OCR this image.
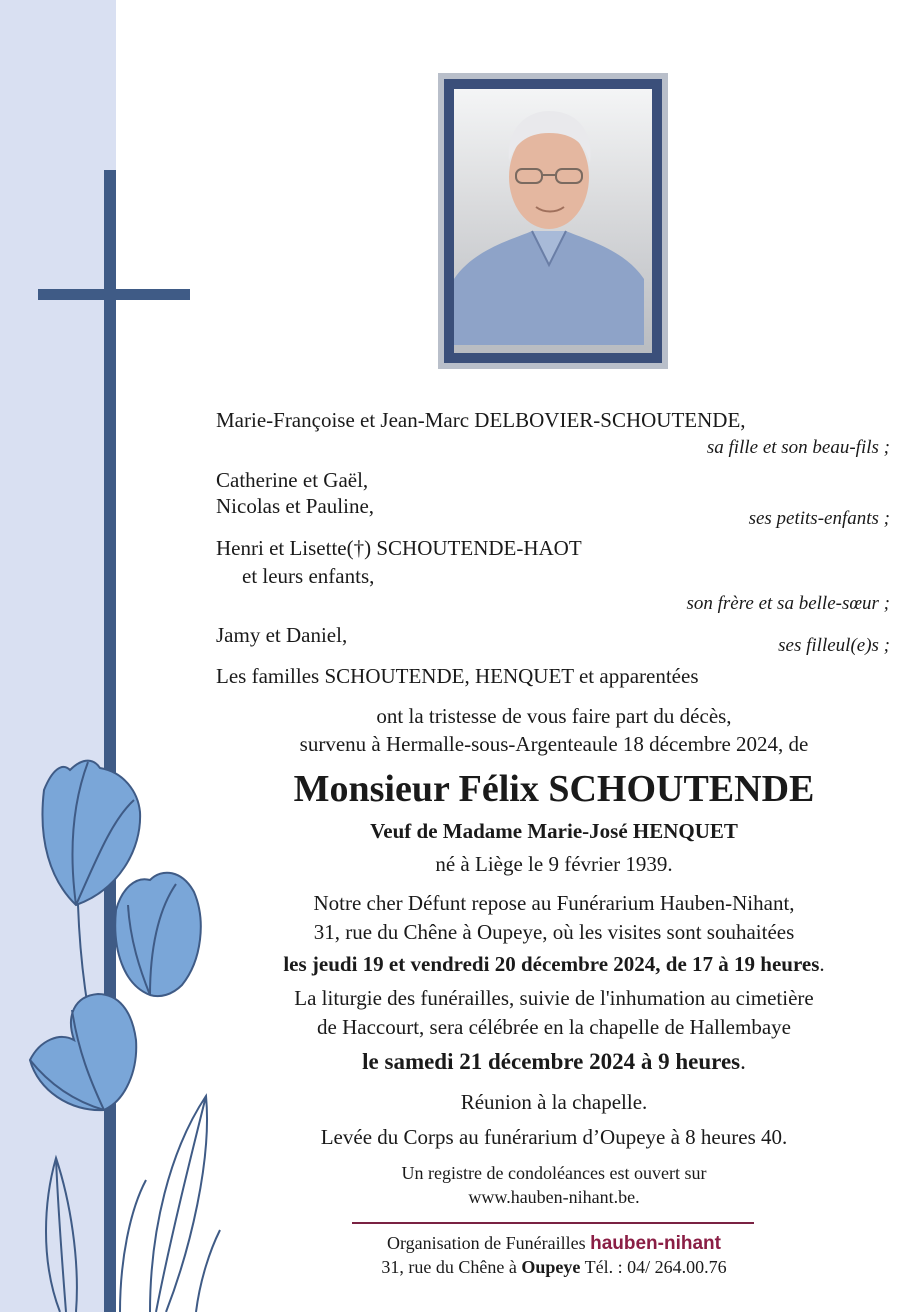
Marie-Françoise et Jean-Marc DELBOVIER-SCHOUTENDE,

sa fille et son beau-fils ;

Catherine et Gaël,

Nicolas et Pauline,

ses petits-enfants ;

Henri et Lisette(†) SCHOUTENDE-HAOT

et leurs enfants,

son frère et sa belle-sœur ;

Jamy et Daniel,	ses filleul(e)s ;

Les familles SCHOUTENDE, HENQUET et apparentées

ont la tristesse de vous faire part du décès,

survenu à Hermalle-sous-Argenteaule 18 décembre 2024, de

Monsieur Félix SCHOUTENDE

Veuf de Madame Marie-José HENQUET

né à Liège le 9 février 1939.

Notre cher Défunt repose au Funérarium Hauben-Nihant,

31, rue du Chêne à Oupeye, où les visites sont souhaitées

les jeudi 19 et vendredi 20 décembre 2024, de 17 à 19 heures.

La liturgie des funérailles, suivie de l'inhumation au cimetière

de Haccourt, sera célébrée en la chapelle de Hallembaye

le samedi 21 décembre 2024 à 9 heures.

Réunion à la chapelle.

Levée du Corps au funérarium d’Oupeye à 8 heures 40.

Un registre de condoléances est ouvert sur

www.hauben-nihant.be.

Organisation de Funérailles hauben-nihant

31, rue du Chêne à Oupeye Tél. : 04/ 264.00.76
